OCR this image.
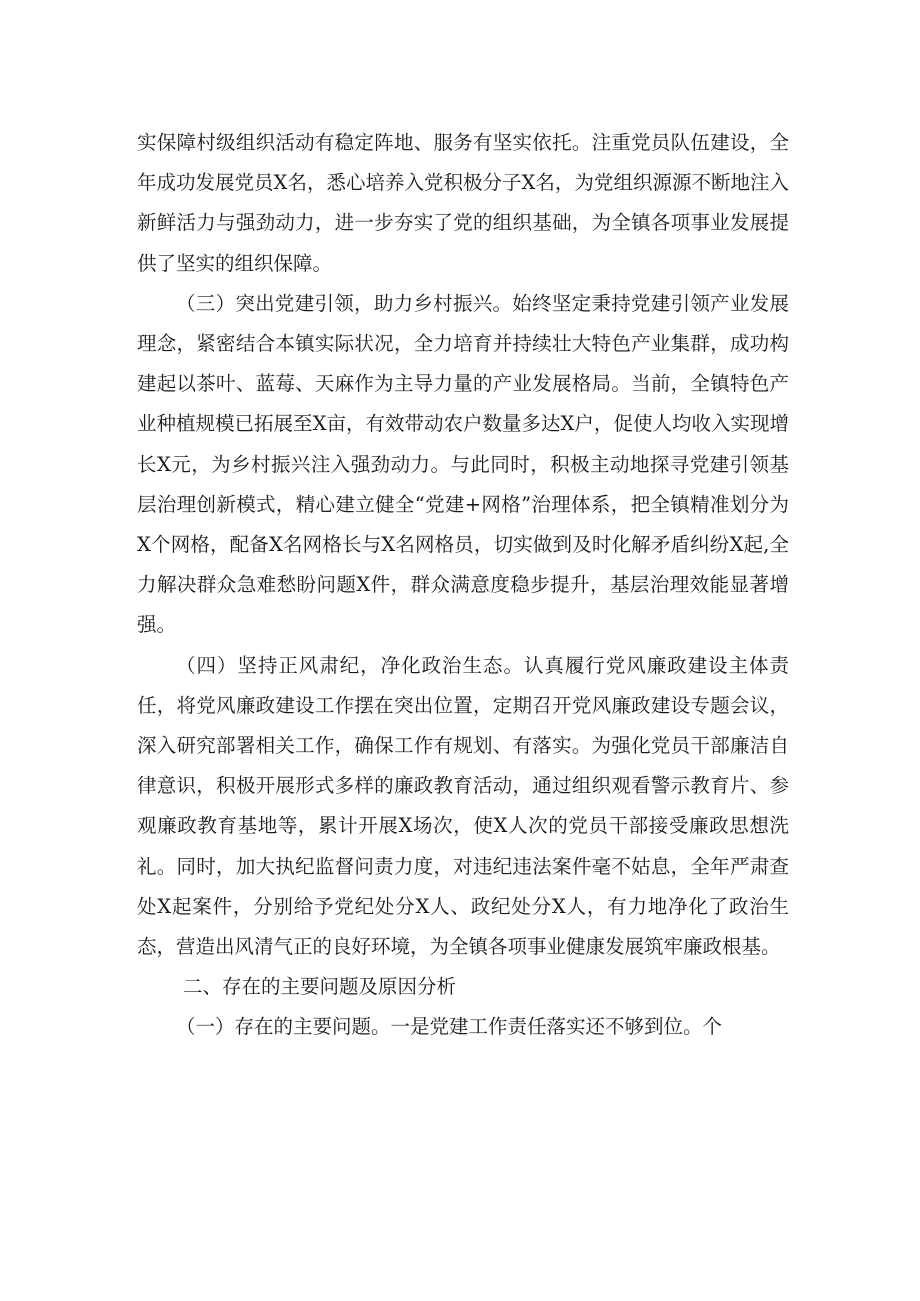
实保障村级组织活动有稳定阵地、服务有坚实依托。注重党员队伍建设，全年成功发展党员X名，悉心培养入党积极分子X名，为党组织源源不断地注入新鲜活力与强劲动力，进一步夯实了党的组织基础，为全镇各项事业发展提供了坚实的组织保障。

（三）突出党建引领，助力乡村振兴。始终坚定秉持党建引领产业发展理念，紧密结合本镇实际状况，全力培育并持续壮大特色产业集群，成功构建起以茶叶、蓝莓、天麻作为主导力量的产业发展格局。当前，全镇特色产业种植规模已拓展至X亩，有效带动农户数量多达X户，促使人均收入实现增长X元，为乡村振兴注入强劲动力。与此同时，积极主动地探寻党建引领基层治理创新模式，精心建立健全“党建+网格”治理体系，把全镇精准划分为X个网格，配备X名网格长与X名网格员，切实做到及时化解矛盾纠纷X起,全力解决群众急难愁盼问题X件，群众满意度稳步提升，基层治理效能显著增强。

（四）坚持正风肃纪，净化政治生态。认真履行党风廉政建设主体责任，将党风廉政建设工作摆在突出位置，定期召开党风廉政建设专题会议，深入研究部署相关工作，确保工作有规划、有落实。为强化党员干部廉洁自律意识，积极开展形式多样的廉政教育活动，通过组织观看警示教育片、参观廉政教育基地等，累计开展X场次，使X人次的党员干部接受廉政思想洗礼。同时，加大执纪监督问责力度，对违纪违法案件毫不姑息，全年严肃查处X起案件，分别给予党纪处分X人、政纪处分X人，有力地净化了政治生态，营造出风清气正的良好环境，为全镇各项事业健康发展筑牢廉政根基。

二、存在的主要问题及原因分析

（一）存在的主要问题。一是党建工作责任落实还不够到位。个
